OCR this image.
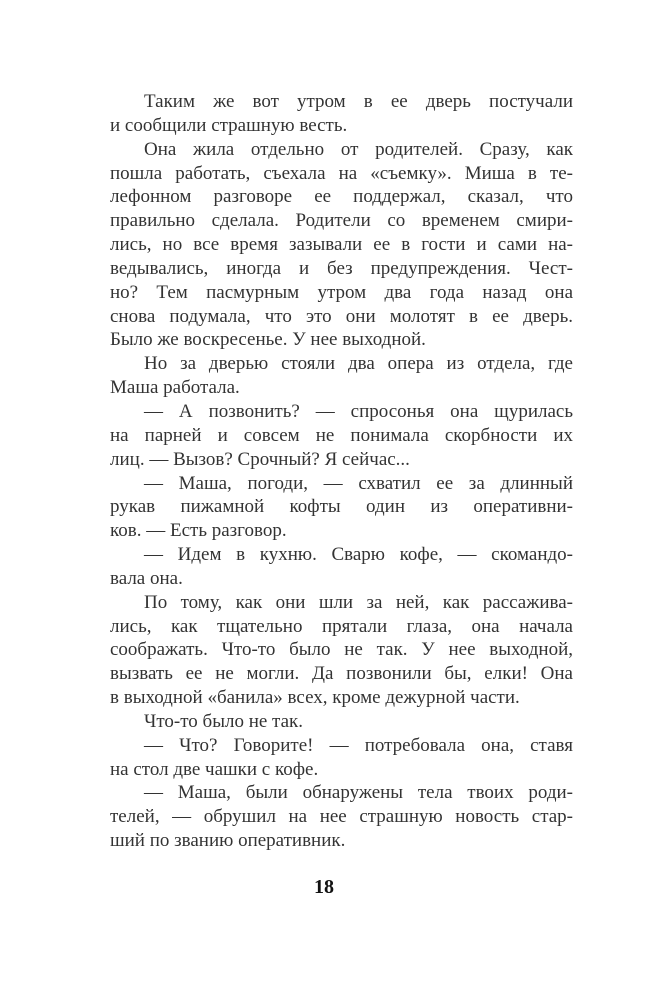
Таким же вот утром в ее дверь постучали
и сообщили страшную весть.
Она жила отдельно от родителей. Сразу, как
пошла работать, съехала на «съемку». Миша в те-
лефонном разговоре ее поддержал, сказал, что
правильно сделала. Родители со временем смири-
лись, но все время зазывали ее в гости и сами на-
ведывались, иногда и без предупреждения. Чест-
но? Тем пасмурным утром два года назад она
снова подумала, что это они молотят в ее дверь.
Было же воскресенье. У нее выходной.
Но за дверью стояли два опера из отдела, где
Маша работала.
— А позвонить? — спросонья она щурилась
на парней и совсем не понимала скорбности их
лиц. — Вызов? Срочный? Я сейчас...
— Маша, погоди, — схватил ее за длинный
рукав пижамной кофты один из оперативни-
ков. — Есть разговор.
— Идем в кухню. Сварю кофе, — скомандо-
вала она.
По тому, как они шли за ней, как рассажива-
лись, как тщательно прятали глаза, она начала
соображать. Что-то было не так. У нее выходной,
вызвать ее не могли. Да позвонили бы, елки! Она
в выходной «банила» всех, кроме дежурной части.
Что-то было не так.
— Что? Говорите! — потребовала она, ставя
на стол две чашки с кофе.
— Маша, были обнаружены тела твоих роди-
телей, — обрушил на нее страшную новость стар-
ший по званию оперативник.
18
